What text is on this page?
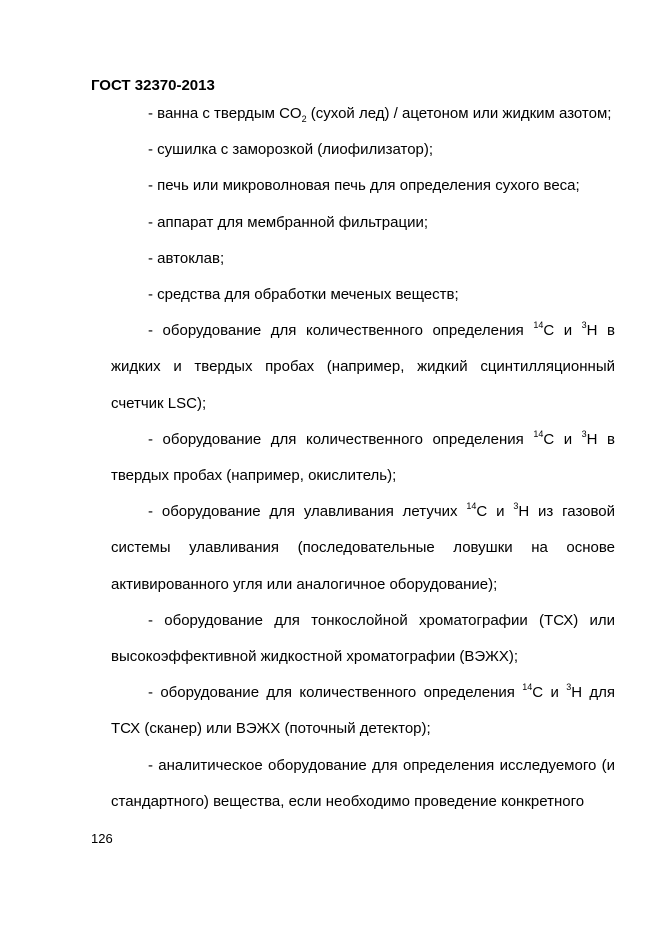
ГОСТ 32370-2013

- ванна с твердым $CO_2$ (сухой лед) / ацетоном или жидким азотом;

- сушилка с заморозкой (лиофилизатор);

- печь или микроволновая печь для определения сухого веса;

- аппарат для мембранной фильтрации;

- автоклав;

- средства для обработки меченых веществ;

- оборудование для количественного определения $^{14}$C и $^3$H в жидких и твердых пробах (например, жидкий сцинтилляционный счетчик LSC);

- оборудование для количественного определения $^{14}$C и $^3$H в твердых пробах (например, окислитель);

- оборудование для улавливания летучих $^{14}$C и $^3$H из газовой системы улавливания (последовательные ловушки на основе активированного угля или аналогичное оборудование);

- оборудование для тонкослойной хроматографии (ТСХ) или высокоэффективной жидкостной хроматографии (ВЭЖХ);

- оборудование для количественного определения $^{14}$C и $^3$H для ТСХ (сканер) или ВЭЖХ (поточный детектор);

- аналитическое оборудование для определения исследуемого (и стандартного) вещества, если необходимо проведение конкретного

126
